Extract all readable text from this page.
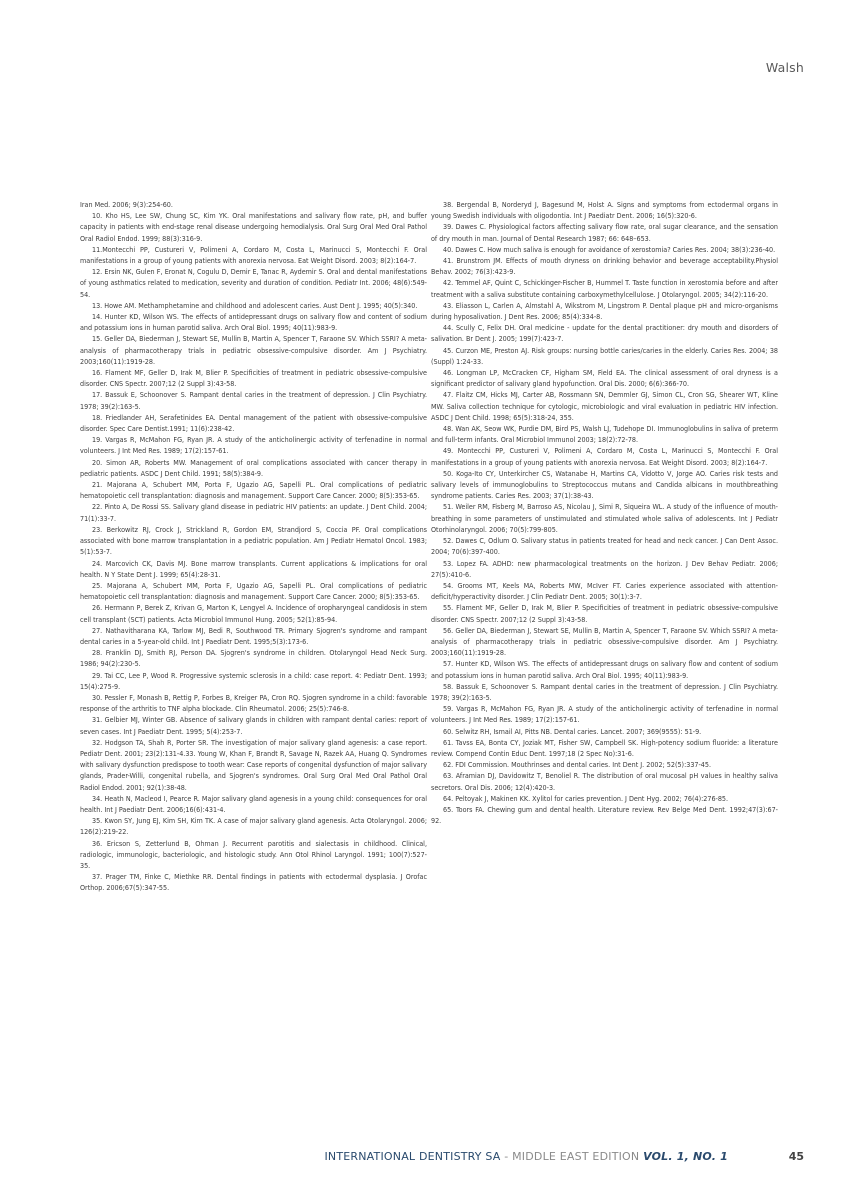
Walsh

Iran Med. 2006; 9(3):254-60.

10. Kho HS, Lee SW, Chung SC, Kim YK. Oral manifestations and salivary flow rate, pH, and buffer capacity in patients with end-stage renal disease undergoing hemodialysis. Oral Surg Oral Med Oral Pathol Oral Radiol Endod. 1999; 88(3):316-9.

11.Montecchi PP, Custureri V, Polimeni A, Cordaro M, Costa L, Marinucci S, Montecchi F. Oral manifestations in a group of young patients with anorexia nervosa. Eat Weight Disord. 2003; 8(2):164-7.

12. Ersin NK, Gulen F, Eronat N, Cogulu D, Demir E, Tanac R, Aydemir S. Oral and dental manifestations of young asthmatics related to medication, severity and duration of condition. Pediatr Int. 2006; 48(6):549-54.

13. Howe AM. Methamphetamine and childhood and adolescent caries. Aust Dent J. 1995; 40(5):340.

14. Hunter KD, Wilson WS. The effects of antidepressant drugs on salivary flow and content of sodium and potassium ions in human parotid saliva. Arch Oral Biol. 1995; 40(11):983-9.

15. Geller DA, Biederman J, Stewart SE, Mullin B, Martin A, Spencer T, Faraone SV. Which SSRI? A meta-analysis of pharmacotherapy trials in pediatric obsessive-compulsive disorder. Am J Psychiatry. 2003;160(11):1919-28.

16. Flament MF, Geller D, Irak M, Blier P. Specificities of treatment in pediatric obsessive-compulsive disorder. CNS Spectr. 2007;12 (2 Suppl 3):43-58.

17. Bassuk E, Schoonover S. Rampant dental caries in the treatment of depression. J Clin Psychiatry. 1978; 39(2):163-5.

18. Friedlander AH, Serafetinides EA. Dental management of the patient with obsessive-compulsive disorder. Spec Care Dentist.1991; 11(6):238-42.

19. Vargas R, McMahon FG, Ryan JR. A study of the anticholinergic activity of terfenadine in normal volunteers. J Int Med Res. 1989; 17(2):157-61.

20. Simon AR, Roberts MW. Management of oral complications associated with cancer therapy in pediatric patients. ASDC J Dent Child. 1991; 58(5):384-9.

21. Majorana A, Schubert MM, Porta F, Ugazio AG, Sapelli PL. Oral complications of pediatric hematopoietic cell transplantation: diagnosis and management. Support Care Cancer. 2000; 8(5):353-65.

22. Pinto A, De Rossi SS. Salivary gland disease in pediatric HIV patients: an update. J Dent Child. 2004; 71(1):33-7.

23. Berkowitz RJ, Crock J, Strickland R, Gordon EM, Strandjord S, Coccia PF. Oral complications associated with bone marrow transplantation in a pediatric population. Am J Pediatr Hematol Oncol. 1983; 5(1):53-7.

24. Marcovich CK, Davis MJ. Bone marrow transplants. Current applications & implications for oral health. N Y State Dent J. 1999; 65(4):28-31.

25. Majorana A, Schubert MM, Porta F, Ugazio AG, Sapelli PL. Oral complications of pediatric hematopoietic cell transplantation: diagnosis and management. Support Care Cancer. 2000; 8(5):353-65.

26. Hermann P, Berek Z, Krivan G, Marton K, Lengyel A. Incidence of oropharyngeal candidosis in stem cell transplant (SCT) patients. Acta Microbiol Immunol Hung. 2005; 52(1):85-94.

27. Nathavitharana KA, Tarlow MJ, Bedi R, Southwood TR. Primary Sjogren's syndrome and rampant dental caries in a 5-year-old child. Int J Paediatr Dent. 1995;5(3):173-6.

28. Franklin DJ, Smith RJ, Person DA. Sjogren's syndrome in children. Otolaryngol Head Neck Surg. 1986; 94(2):230-5.

29. Tai CC, Lee P, Wood R. Progressive systemic sclerosis in a child: case report. 4: Pediatr Dent. 1993; 15(4):275-9.

30. Pessler F, Monash B, Rettig P, Forbes B, Kreiger PA, Cron RQ. Sjogren syndrome in a child: favorable response of the arthritis to TNF alpha blockade. Clin Rheumatol. 2006; 25(5):746-8.

31. Gelbier MJ, Winter GB. Absence of salivary glands in children with rampant dental caries: report of seven cases. Int J Paediatr Dent. 1995; 5(4):253-7.

32. Hodgson TA, Shah R, Porter SR. The investigation of major salivary gland agenesis: a case report. Pediatr Dent. 2001; 23(2):131-4.33. Young W, Khan F, Brandt R, Savage N, Razek AA, Huang Q. Syndromes with salivary dysfunction predispose to tooth wear: Case reports of congenital dysfunction of major salivary glands, Prader-Willi, congenital rubella, and Sjogren's syndromes. Oral Surg Oral Med Oral Pathol Oral Radiol Endod. 2001; 92(1):38-48.

34. Heath N, Macleod I, Pearce R. Major salivary gland agenesis in a young child: consequences for oral health. Int J Paediatr Dent. 2006;16(6):431-4.

35. Kwon SY, Jung EJ, Kim SH, Kim TK. A case of major salivary gland agenesis. Acta Otolaryngol. 2006; 126(2):219-22.

36. Ericson S, Zetterlund B, Ohman J. Recurrent parotitis and sialectasis in childhood. Clinical, radiologic, immunologic, bacteriologic, and histologic study. Ann Otol Rhinol Laryngol. 1991; 100(7):527-35.

37. Prager TM, Finke C, Miethke RR. Dental findings in patients with ectodermal dysplasia. J Orofac Orthop. 2006;67(5):347-55.

38. Bergendal B, Norderyd J, Bagesund M, Holst A. Signs and symptoms from ectodermal organs in young Swedish individuals with oligodontia. Int J Paediatr Dent. 2006; 16(5):320-6.

39. Dawes C. Physiological factors affecting salivary flow rate, oral sugar clearance, and the sensation of dry mouth in man. Journal of Dental Research 1987; 66: 648–653.

40. Dawes C. How much saliva is enough for avoidance of xerostomia? Caries Res. 2004; 38(3):236-40.

41. Brunstrom JM. Effects of mouth dryness on drinking behavior and beverage acceptability.Physiol Behav. 2002; 76(3):423-9.

42. Temmel AF, Quint C, Schickinger-Fischer B, Hummel T. Taste function in xerostomia before and after treatment with a saliva substitute containing carboxymethylcellulose. J Otolaryngol. 2005; 34(2):116-20.

43. Eliasson L, Carlen A, Almstahl A, Wikstrom M, Lingstrom P. Dental plaque pH and micro-organisms during hyposalivation. J Dent Res. 2006; 85(4):334-8.

44. Scully C, Felix DH. Oral medicine - update for the dental practitioner: dry mouth and disorders of salivation. Br Dent J. 2005; 199(7):423-7.

45. Curzon ME, Preston AJ. Risk groups: nursing bottle caries/caries in the elderly. Caries Res. 2004; 38 (Suppl) 1:24-33.

46. Longman LP, McCracken CF, Higham SM, Field EA. The clinical assessment of oral dryness is a significant predictor of salivary gland hypofunction. Oral Dis. 2000; 6(6):366-70.

47. Flaitz CM, Hicks MJ, Carter AB, Rossmann SN, Demmler GJ, Simon CL, Cron SG, Shearer WT, Kline MW. Saliva collection technique for cytologic, microbiologic and viral evaluation in pediatric HIV infection. ASDC J Dent Child. 1998; 65(5):318-24, 355.

48. Wan AK, Seow WK, Purdie DM, Bird PS, Walsh LJ, Tudehope DI. Immunoglobulins in saliva of preterm and full-term infants. Oral Microbiol Immunol 2003; 18(2):72-78.

49. Montecchi PP, Custureri V, Polimeni A, Cordaro M, Costa L, Marinucci S, Montecchi F. Oral manifestations in a group of young patients with anorexia nervosa. Eat Weight Disord. 2003; 8(2):164-7.

50. Koga-Ito CY, Unterkircher CS, Watanabe H, Martins CA, Vidotto V, Jorge AO. Caries risk tests and salivary levels of immunoglobulins to Streptococcus mutans and Candida albicans in mouthbreathing syndrome patients. Caries Res. 2003; 37(1):38-43.

51. Weiler RM, Fisberg M, Barroso AS, Nicolau J, Simi R, Siqueira WL. A study of the influence of mouth-breathing in some parameters of unstimulated and stimulated whole saliva of adolescents. Int J Pediatr Otorhinolaryngol. 2006; 70(5):799-805.

52. Dawes C, Odlum O. Salivary status in patients treated for head and neck cancer. J Can Dent Assoc. 2004; 70(6):397-400.

53. Lopez FA. ADHD: new pharmacological treatments on the horizon. J Dev Behav Pediatr. 2006; 27(5):410-6.

54. Grooms MT, Keels MA, Roberts MW, McIver FT. Caries experience associated with attention-deficit/hyperactivity disorder. J Clin Pediatr Dent. 2005; 30(1):3-7.

55. Flament MF, Geller D, Irak M, Blier P. Specificities of treatment in pediatric obsessive-compulsive disorder. CNS Spectr. 2007;12 (2 Suppl 3):43-58.

56. Geller DA, Biederman J, Stewart SE, Mullin B, Martin A, Spencer T, Faraone SV. Which SSRI? A meta-analysis of pharmacotherapy trials in pediatric obsessive-compulsive disorder. Am J Psychiatry. 2003;160(11):1919-28.

57. Hunter KD, Wilson WS. The effects of antidepressant drugs on salivary flow and content of sodium and potassium ions in human parotid saliva. Arch Oral Biol. 1995; 40(11):983-9.

58. Bassuk E, Schoonover S. Rampant dental caries in the treatment of depression. J Clin Psychiatry. 1978; 39(2):163-5.

59. Vargas R, McMahon FG, Ryan JR. A study of the anticholinergic activity of terfenadine in normal volunteers. J Int Med Res. 1989; 17(2):157-61.

60. Selwitz RH, Ismail AI, Pitts NB. Dental caries. Lancet. 2007; 369(9555): 51-9.

61. Tavss EA, Bonta CY, Joziak MT, Fisher SW, Campbell SK. High-potency sodium fluoride: a literature review. Compend Contin Educ Dent. 1997;18 (2 Spec No):31-6.

62. FDI Commission. Mouthrinses and dental caries. Int Dent J. 2002; 52(5):337-45.

63. Aframian DJ, Davidowitz T, Benoliel R. The distribution of oral mucosal pH values in healthy saliva secretors. Oral Dis. 2006; 12(4):420-3.

64. Peltoyak J, Makinen KK. Xylitol for caries prevention. J Dent Hyg. 2002; 76(4):276-85.

65. Toors FA. Chewing gum and dental health. Literature review. Rev Belge Med Dent. 1992;47(3):67-92.

INTERNATIONAL DENTISTRY SA - MIDDLE EAST EDITION VOL. 1, NO. 1	45
